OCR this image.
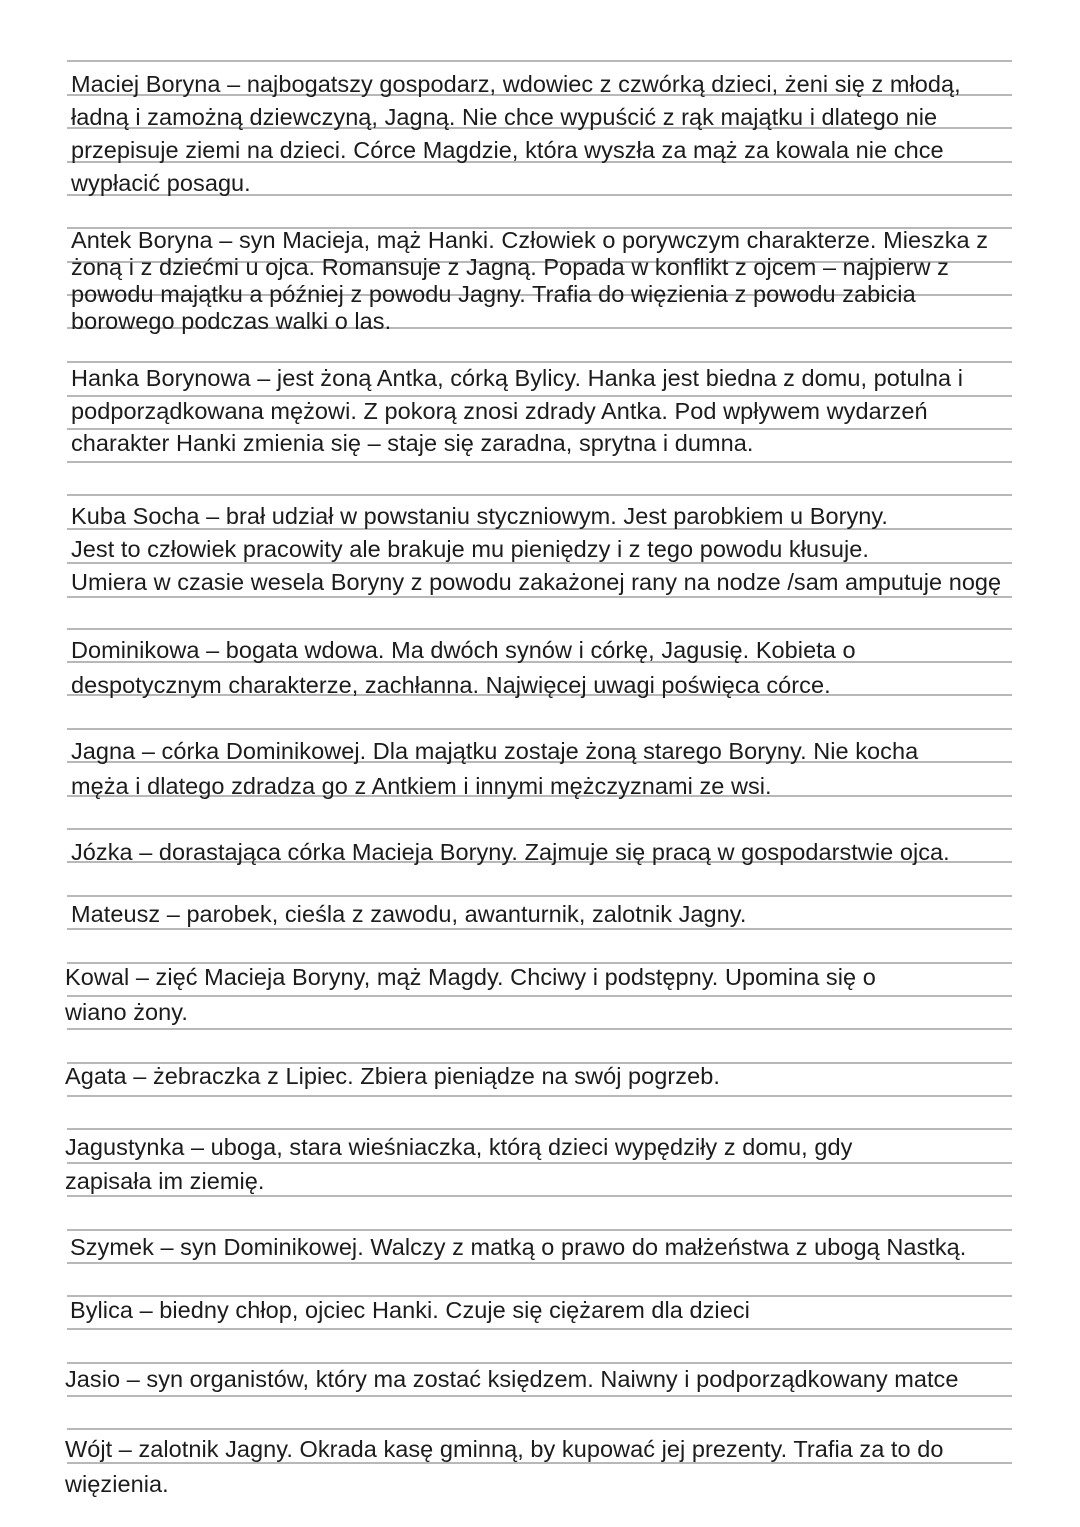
Maciej Boryna – najbogatszy gospodarz, wdowiec z czwórką dzieci, żeni się z młodą,
ładną i zamożną dziewczyną, Jagną. Nie chce wypuścić z rąk majątku i dlatego nie
przepisuje ziemi na dzieci. Córce Magdzie, która wyszła za mąż za kowala nie chce
wypłacić posagu.
Antek Boryna – syn Macieja, mąż Hanki. Człowiek o porywczym charakterze. Mieszka z
żoną i z dziećmi u ojca. Romansuje z Jagną. Popada w konflikt z ojcem – najpierw z
powodu majątku a później z powodu Jagny. Trafia do więzienia z powodu zabicia
borowego podczas walki o las.
Hanka Borynowa – jest żoną Antka, córką Bylicy. Hanka jest biedna z domu, potulna i
podporządkowana mężowi. Z pokorą znosi zdrady Antka. Pod wpływem wydarzeń
charakter Hanki zmienia się – staje się zaradna, sprytna i dumna.
Kuba Socha – brał udział w powstaniu styczniowym. Jest parobkiem u Boryny.
Jest to człowiek pracowity ale brakuje mu pieniędzy i z tego powodu kłusuje.
Umiera w czasie wesela Boryny z powodu zakażonej rany na nodze /sam amputuje nogę
Dominikowa – bogata wdowa. Ma dwóch synów i córkę, Jagusię. Kobieta o
despotycznym charakterze, zachłanna. Najwięcej uwagi poświęca córce.
Jagna – córka Dominikowej. Dla majątku zostaje żoną starego Boryny. Nie kocha
męża i dlatego zdradza go z Antkiem i innymi mężczyznami ze wsi.
Józka – dorastająca córka Macieja Boryny. Zajmuje się pracą w gospodarstwie ojca.
Mateusz – parobek, cieśla z zawodu, awanturnik, zalotnik Jagny.
Kowal – zięć Macieja Boryny, mąż Magdy. Chciwy i podstępny. Upomina się o
wiano żony.
Agata – żebraczka z Lipiec. Zbiera pieniądze na swój pogrzeb.
Jagustynka – uboga, stara wieśniaczka, którą dzieci wypędziły z domu, gdy
zapisała im ziemię.
Szymek – syn Dominikowej. Walczy z matką o prawo do małżeństwa z ubogą Nastką.
Bylica – biedny chłop, ojciec Hanki. Czuje się ciężarem dla dzieci
Jasio – syn organistów, który ma zostać księdzem. Naiwny i podporządkowany matce
Wójt – zalotnik Jagny. Okrada kasę gminną, by kupować jej prezenty. Trafia za to do
więzienia.
